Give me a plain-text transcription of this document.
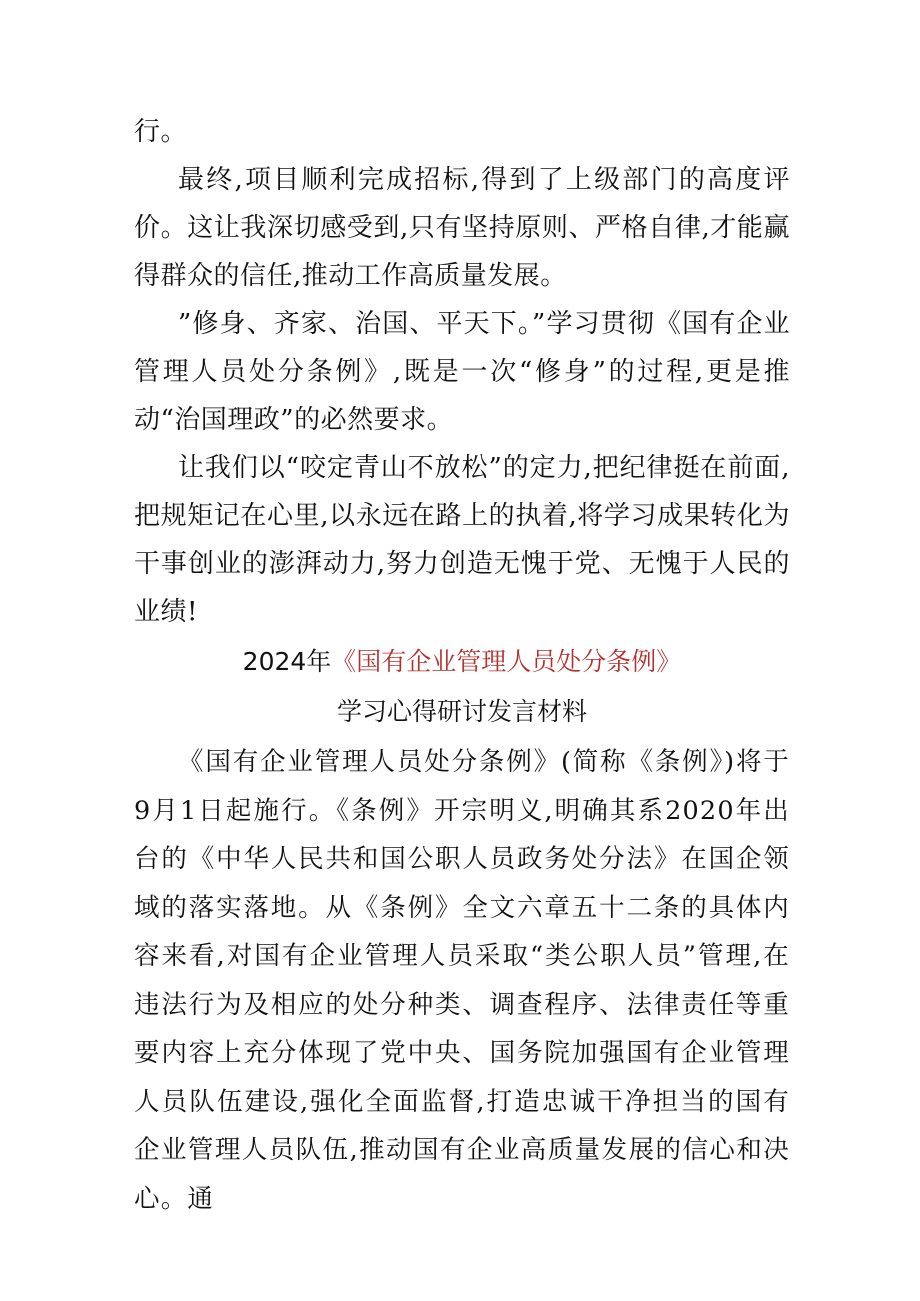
行。

最终,项目顺利完成招标,得到了上级部门的高度评价。这让我深切感受到,只有坚持原则、严格自律,才能赢得群众的信任,推动工作高质量发展。

”修身、齐家、治国、平天下。”学习贯彻《国有企业管理人员处分条例》,既是一次“修身”的过程,更是推动“治国理政”的必然要求。

让我们以“咬定青山不放松”的定力,把纪律挺在前面,把规矩记在心里,以永远在路上的执着,将学习成果转化为干事创业的澎湃动力,努力创造无愧于党、无愧于人民的业绩!

2024年《国有企业管理人员处分条例》

学习心得研讨发言材料

《国有企业管理人员处分条例》(简称《条例》)将于9月1日起施行。《条例》开宗明义,明确其系2020年出台的《中华人民共和国公职人员政务处分法》在国企领域的落实落地。从《条例》全文六章五十二条的具体内容来看,对国有企业管理人员采取“类公职人员”管理,在违法行为及相应的处分种类、调查程序、法律责任等重要内容上充分体现了党中央、国务院加强国有企业管理人员队伍建设,强化全面监督,打造忠诚干净担当的国有企业管理人员队伍,推动国有企业高质量发展的信心和决心。通
